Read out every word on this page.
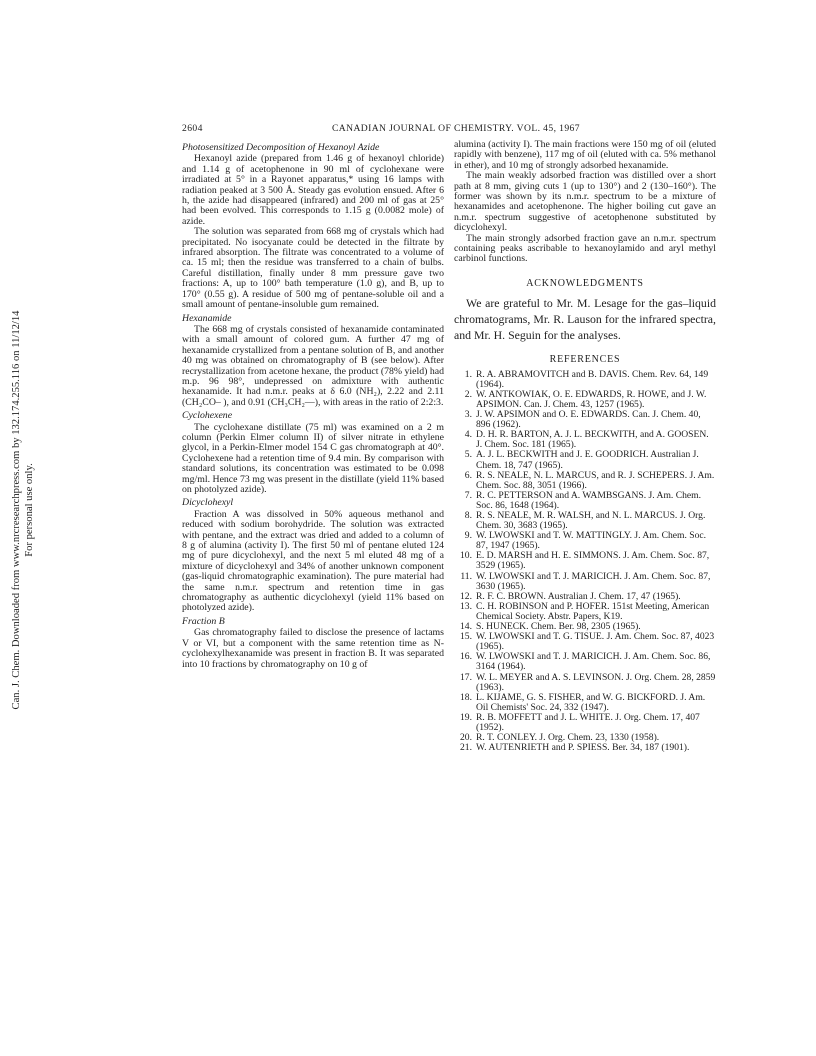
Can. J. Chem. Downloaded from www.nrcresearchpress.com by 132.174.255.116 on 11/12/14 For personal use only.
2604	CANADIAN JOURNAL OF CHEMISTRY. VOL. 45, 1967
Photosensitized Decomposition of Hexanoyl Azide

Hexanoyl azide (prepared from 1.46 g of hexanoyl chloride) and 1.14 g of acetophenone in 90 ml of cyclohexane were irradiated at 5° in a Rayonet apparatus,* using 16 lamps with radiation peaked at 3 500 Å. Steady gas evolution ensued. After 6 h, the azide had disappeared (infrared) and 200 ml of gas at 25° had been evolved. This corresponds to 1.15 g (0.0082 mole) of azide.

The solution was separated from 668 mg of crystals which had precipitated. No isocyanate could be detected in the filtrate by infrared absorption. The filtrate was concentrated to a volume of ca. 15 ml; then the residue was transferred to a chain of bulbs. Careful distillation, finally under 8 mm pressure gave two fractions: A, up to 100° bath temperature (1.0 g), and B, up to 170° (0.55 g). A residue of 500 mg of pentane-soluble oil and a small amount of pentane-insoluble gum remained.

Hexanamide

The 668 mg of crystals consisted of hexanamide contaminated with a small amount of colored gum. A further 47 mg of hexanamide crystallized from a pentane solution of B, and another 40 mg was obtained on chromatography of B (see below). After recrystallization from acetone hexane, the product (78% yield) had m.p. 96 98°, undepressed on admixture with authentic hexanamide. It had n.m.r. peaks at δ 6.0 (NH₂), 2.22 and 2.11 (CH₂CO– ), and 0.91 (CH₃CH₂—), with areas in the ratio of 2:2:3.

Cyclohexene

The cyclohexane distillate (75 ml) was examined on a 2 m column (Perkin Elmer column II) of silver nitrate in ethylene glycol, in a Perkin-Elmer model 154 C gas chromatograph at 40°. Cyclohexene had a retention time of 9.4 min. By comparison with standard solutions, its concentration was estimated to be 0.098 mg/ml. Hence 73 mg was present in the distillate (yield 11% based on photolyzed azide).

Dicyclohexyl

Fraction A was dissolved in 50% aqueous methanol and reduced with sodium borohydride. The solution was extracted with pentane, and the extract was dried and added to a column of 8 g of alumina (activity I). The first 50 ml of pentane eluted 124 mg of pure dicyclohexyl, and the next 5 ml eluted 48 mg of a mixture of dicyclohexyl and 34% of another unknown component (gas-liquid chromatographic examination). The pure material had the same n.m.r. spectrum and retention time in gas chromatography as authentic dicyclohexyl (yield 11% based on photolyzed azide).

Fraction B

Gas chromatography failed to disclose the presence of lactams V or VI, but a component with the same retention time as N-cyclohexylhexanamide was present in fraction B. It was separated into 10 fractions by chromatography on 10 g of

alumina (activity I). The main fractions were 150 mg of oil (eluted rapidly with benzene), 117 mg of oil (eluted with ca. 5% methanol in ether), and 10 mg of strongly adsorbed hexanamide.

The main weakly adsorbed fraction was distilled over a short path at 8 mm, giving cuts 1 (up to 130°) and 2 (130–160°). The former was shown by its n.m.r. spectrum to be a mixture of hexanamides and acetophenone. The higher boiling cut gave an n.m.r. spectrum suggestive of acetophenone substituted by dicyclohexyl.

The main strongly adsorbed fraction gave an n.m.r. spectrum containing peaks ascribable to hexanoylamido and aryl methyl carbinol functions.

ACKNOWLEDGMENTS

We are grateful to Mr. M. Lesage for the gas–liquid chromatograms, Mr. R. Lauson for the infrared spectra, and Mr. H. Seguin for the analyses.

REFERENCES
1. R. A. ABRAMOVITCH and B. DAVIS. Chem. Rev. 64, 149 (1964).
2. W. ANTKOWIAK, O. E. EDWARDS, R. HOWE, and J. W. APSIMON. Can. J. Chem. 43, 1257 (1965).
3. J. W. APSIMON and O. E. EDWARDS. Can. J. Chem. 40, 896 (1962).
4. D. H. R. BARTON, A. J. L. BECKWITH, and A. GOOSEN. J. Chem. Soc. 181 (1965).
5. A. J. L. BECKWITH and J. E. GOODRICH. Australian J. Chem. 18, 747 (1965).
6. R. S. NEALE, N. L. MARCUS, and R. J. SCHEPERS. J. Am. Chem. Soc. 88, 3051 (1966).
7. R. C. PETTERSON and A. WAMBSGANS. J. Am. Chem. Soc. 86, 1648 (1964).
8. R. S. NEALE, M. R. WALSH, and N. L. MARCUS. J. Org. Chem. 30, 3683 (1965).
9. W. LWOWSKI and T. W. MATTINGLY. J. Am. Chem. Soc. 87, 1947 (1965).
10. E. D. MARSH and H. E. SIMMONS. J. Am. Chem. Soc. 87, 3529 (1965).
11. W. LWOWSKI and T. J. MARICICH. J. Am. Chem. Soc. 87, 3630 (1965).
12. R. F. C. BROWN. Australian J. Chem. 17, 47 (1965).
13. C. H. ROBINSON and P. HOFER. 151st Meeting, American Chemical Society. Abstr. Papers, K19.
14. S. HUNECK. Chem. Ber. 98, 2305 (1965).
15. W. LWOWSKI and T. G. TISUE. J. Am. Chem. Soc. 87, 4023 (1965).
16. W. LWOWSKI and T. J. MARICICH. J. Am. Chem. Soc. 86, 3164 (1964).
17. W. L. MEYER and A. S. LEVINSON. J. Org. Chem. 28, 2859 (1963).
18. L. KIJAME, G. S. FISHER, and W. G. BICKFORD. J. Am. Oil Chemists' Soc. 24, 332 (1947).
19. R. B. MOFFETT and J. L. WHITE. J. Org. Chem. 17, 407 (1952).
20. R. T. CONLEY. J. Org. Chem. 23, 1330 (1958).
21. W. AUTENRIETH and P. SPIESS. Ber. 34, 187 (1901).
